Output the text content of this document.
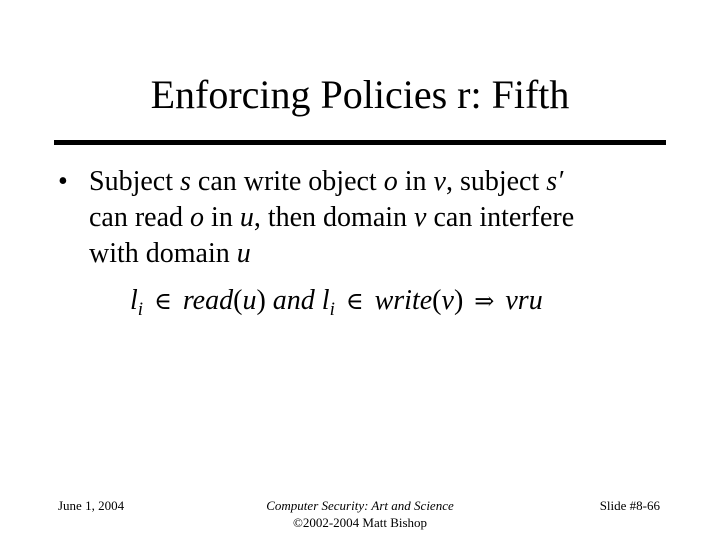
Enforcing Policies r: Fifth
• Subject s can write object o in v, subject s′
can read o in u, then domain v can interfere
with domain u
$l_i$ ∈ read(u) and $l_i$ ∈ write(v) ⇒ vru
June 1, 2004	Computer Security: Art and Science
©2002-2004 Matt Bishop
Slide #8-66
